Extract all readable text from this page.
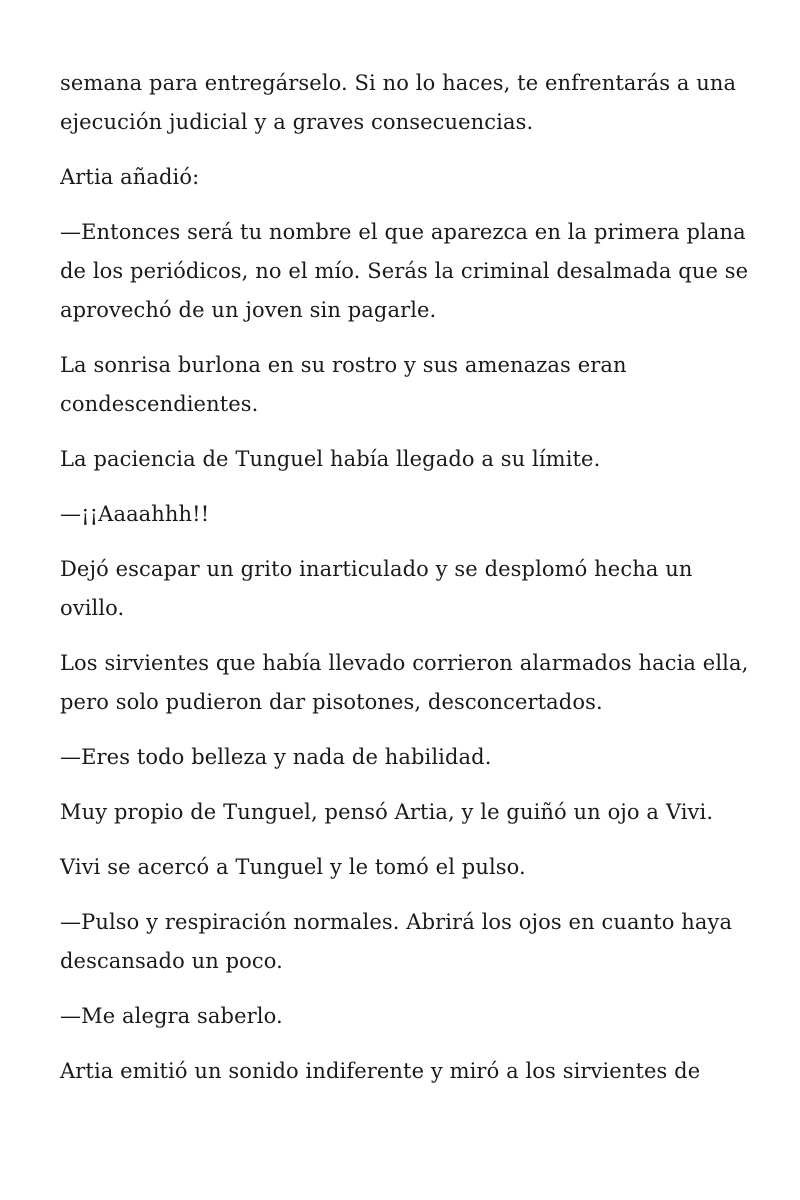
semana para entregárselo. Si no lo haces, te enfrentarás a una ejecución judicial y a graves consecuencias.

Artia añadió:

—Entonces será tu nombre el que aparezca en la primera plana de los periódicos, no el mío. Serás la criminal desalmada que se aprovechó de un joven sin pagarle.

La sonrisa burlona en su rostro y sus amenazas eran condescendientes.

La paciencia de Tunguel había llegado a su límite.

—¡¡Aaaahhh!!

Dejó escapar un grito inarticulado y se desplomó hecha un ovillo.

Los sirvientes que había llevado corrieron alarmados hacia ella, pero solo pudieron dar pisotones, desconcertados.

—Eres todo belleza y nada de habilidad.

Muy propio de Tunguel, pensó Artia, y le guiñó un ojo a Vivi.

Vivi se acercó a Tunguel y le tomó el pulso.

—Pulso y respiración normales. Abrirá los ojos en cuanto haya descansado un poco.

—Me alegra saberlo.

Artia emitió un sonido indiferente y miró a los sirvientes de
